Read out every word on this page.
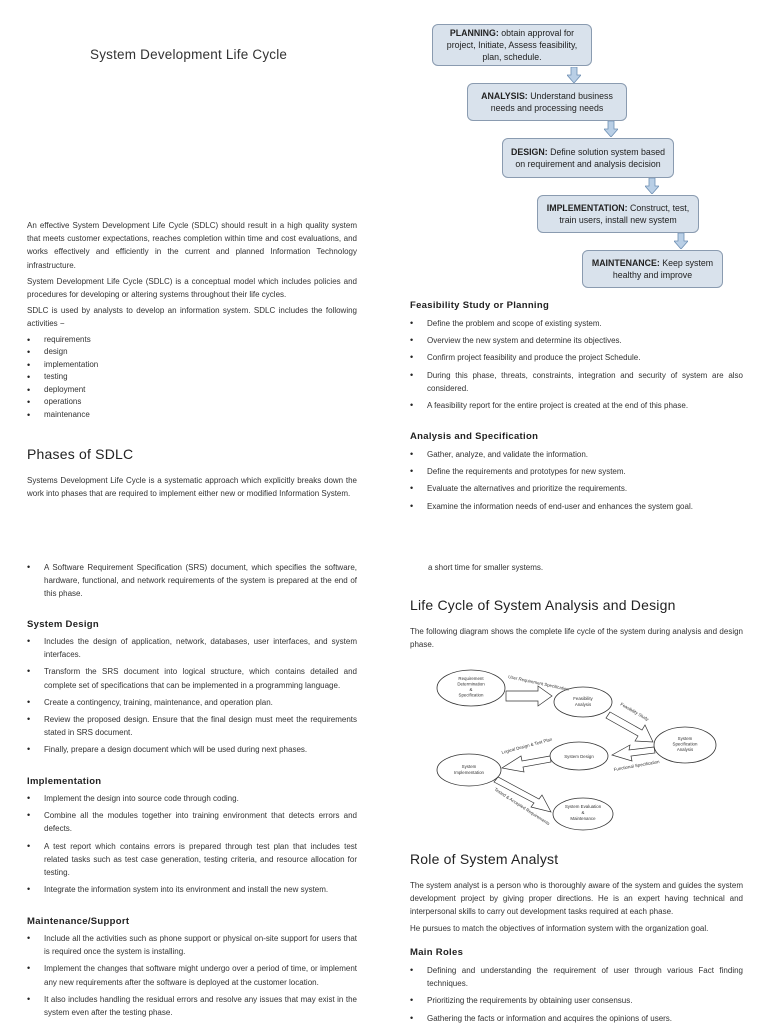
System Development Life Cycle

An effective System Development Life Cycle (SDLC) should result in a high quality system that meets customer expectations, reaches completion within time and cost evaluations, and works effectively and efficiently in the current and planned Information Technology infrastructure.

System Development Life Cycle (SDLC) is a conceptual model which includes policies and procedures for developing or altering systems throughout their life cycles.

SDLC is used by analysts to develop an information system. SDLC includes the following activities −

• requirements
• design
• implementation
• testing
• deployment
• operations
• maintenance
Phases of SDLC

Systems Development Life Cycle is a systematic approach which explicitly breaks down the work into phases that are required to implement either new or modified Information System.

• A Software Requirement Specification (SRS) document, which specifies the software, hardware, functional, and network requirements of the system is prepared at the end of this phase.
System Design
• Includes the design of application, network, databases, user interfaces, and system interfaces.
• Transform the SRS document into logical structure, which contains detailed and complete set of specifications that can be implemented in a programming language.
• Create a contingency, training, maintenance, and operation plan.
• Review the proposed design. Ensure that the final design must meet the requirements stated in SRS document.
• Finally, prepare a design document which will be used during next phases.
Implementation
• Implement the design into source code through coding.
• Combine all the modules together into training environment that detects errors and defects.
• A test report which contains errors is prepared through test plan that includes test related tasks such as test case generation, testing criteria, and resource allocation for testing.
• Integrate the information system into its environment and install the new system.
Maintenance/Support
• Include all the activities such as phone support or physical on-site support for users that is required once the system is installing.
• Implement the changes that software might undergo over a period of time, or implement any new requirements after the software is deployed at the customer location.
• It also includes handling the residual errors and resolve any issues that may exist in the system even after the testing phase.
PLANNING: obtain approval for project, Initiate, Assess feasibility, plan, schedule.
ANALYSIS: Understand business needs and processing needs
DESIGN: Define solution system based on requirement and analysis decision
IMPLEMENTATION: Construct, test, train users, install new system
MAINTENANCE: Keep system healthy and improve
Feasibility Study or Planning
• Define the problem and scope of existing system.
• Overview the new system and determine its objectives.
• Confirm project feasibility and produce the project Schedule.
• During this phase, threats, constraints, integration and security of system are also considered.
• A feasibility report for the entire project is created at the end of this phase.
Analysis and Specification
• Gather, analyze, and validate the information.
• Define the requirements and prototypes for new system.
• Evaluate the alternatives and prioritize the requirements.
• Examine the information needs of end-user and enhances the system goal.

a short time for smaller systems.

Life Cycle of System Analysis and Design

The following diagram shows the complete life cycle of the system during analysis and design phase.

Requirement
Determination
&
Specification
Feasibility
Analysis
System
Specification
Analysis
System Design
System
Implementation
System Evaluation
&
Maintenance
User Requirement Specification
Feasibility Study
Functional Specification
Logical Design & Test Plan
Tested & Accepted Requirements
Role of System Analyst

The system analyst is a person who is thoroughly aware of the system and guides the system development project by giving proper directions. He is an expert having technical and interpersonal skills to carry out development tasks required at each phase.

He pursues to match the objectives of information system with the organization goal.

Main Roles
• Defining and understanding the requirement of user through various Fact finding techniques.
• Prioritizing the requirements by obtaining user consensus.
• Gathering the facts or information and acquires the opinions of users.
